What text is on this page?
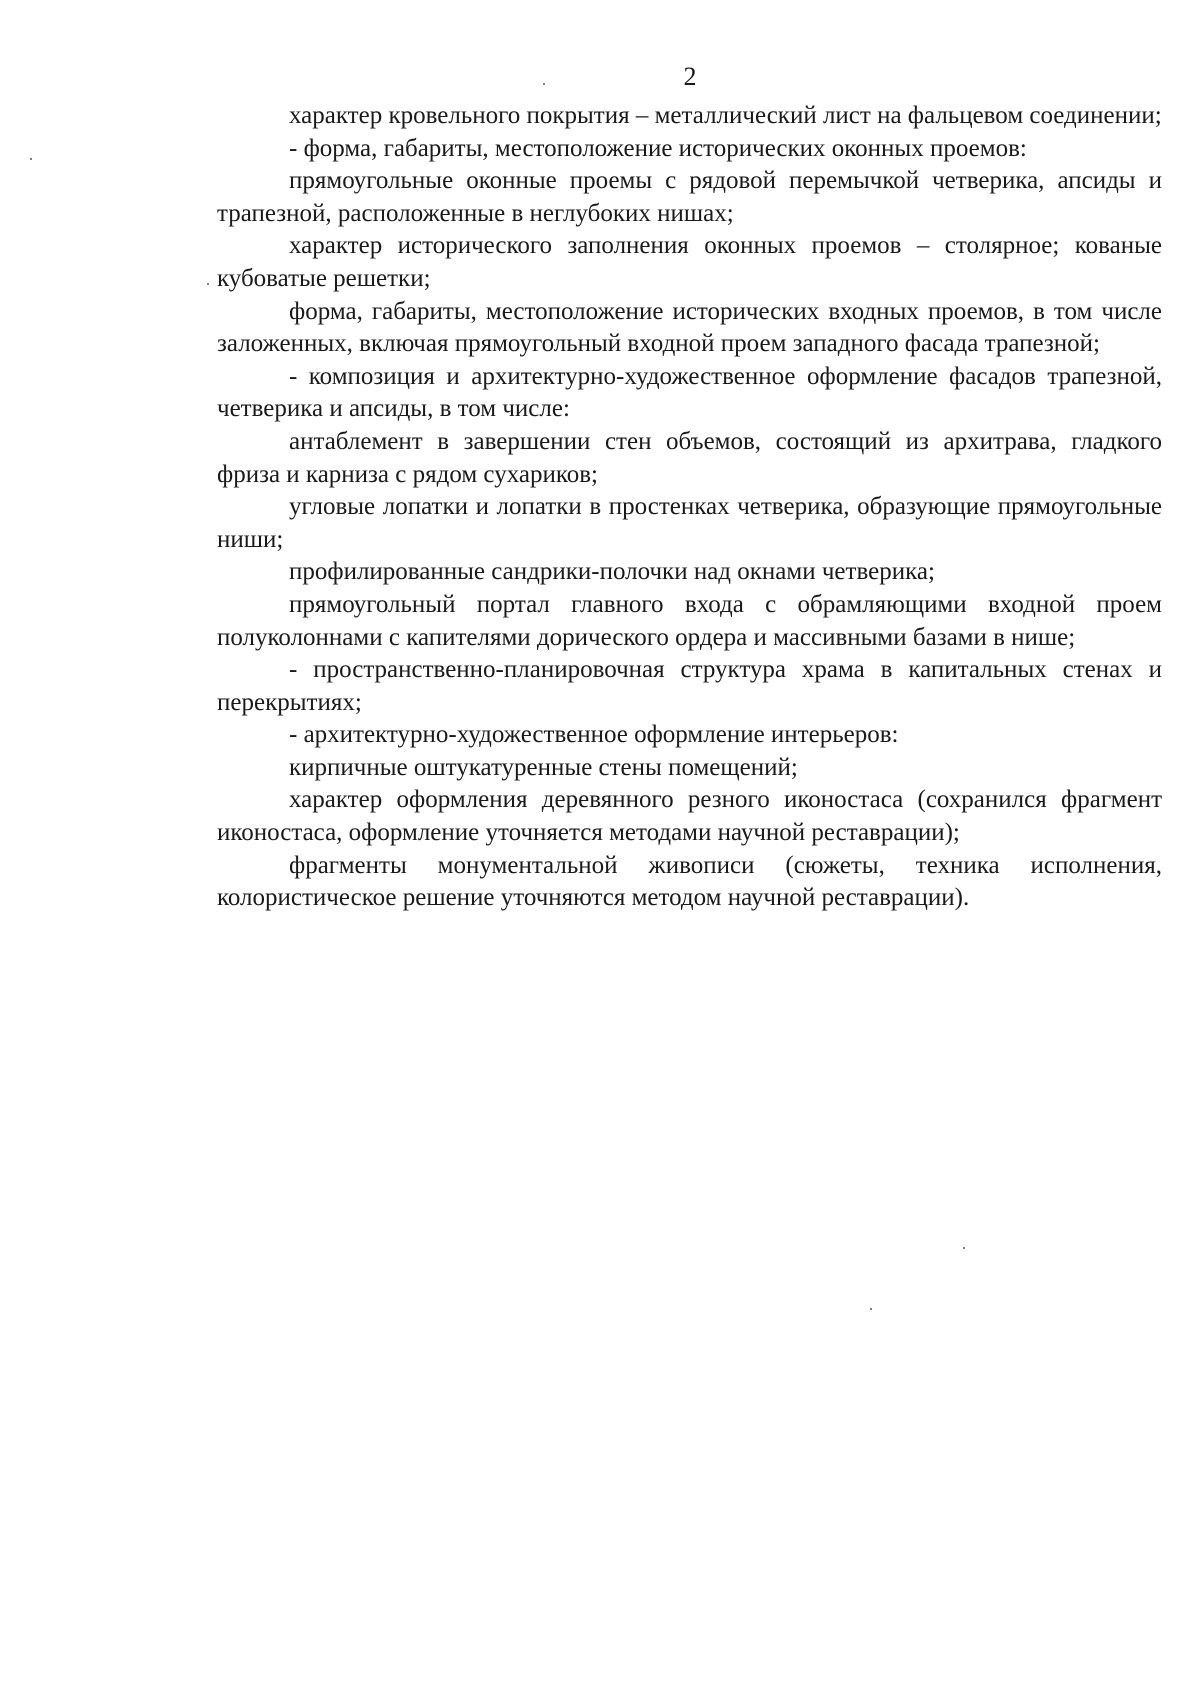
2

характер кровельного покрытия – металлический лист на фальцевом соединении;

- форма, габариты, местоположение исторических оконных проемов:

прямоугольные оконные проемы с рядовой перемычкой четверика, апсиды и трапезной, расположенные в неглубоких нишах;

характер исторического заполнения оконных проемов – столярное; кованые кубоватые решетки;

форма, габариты, местоположение исторических входных проемов, в том числе заложенных, включая прямоугольный входной проем западного фасада трапезной;

- композиция и архитектурно-художественное оформление фасадов трапезной, четверика и апсиды, в том числе:

антаблемент в завершении стен объемов, состоящий из архитрава, гладкого фриза и карниза с рядом сухариков;

угловые лопатки и лопатки в простенках четверика, образующие прямоугольные ниши;

профилированные сандрики-полочки над окнами четверика;

прямоугольный портал главного входа с обрамляющими входной проем полуколоннами с капителями дорического ордера и массивными базами в нише;

- пространственно-планировочная структура храма в капитальных стенах и перекрытиях;

- архитектурно-художественное оформление интерьеров:

кирпичные оштукатуренные стены помещений;

характер оформления деревянного резного иконостаса (сохранился фрагмент иконостаса, оформление уточняется методами научной реставрации);

фрагменты монументальной живописи (сюжеты, техника исполнения, колористическое решение уточняются методом научной реставрации).
